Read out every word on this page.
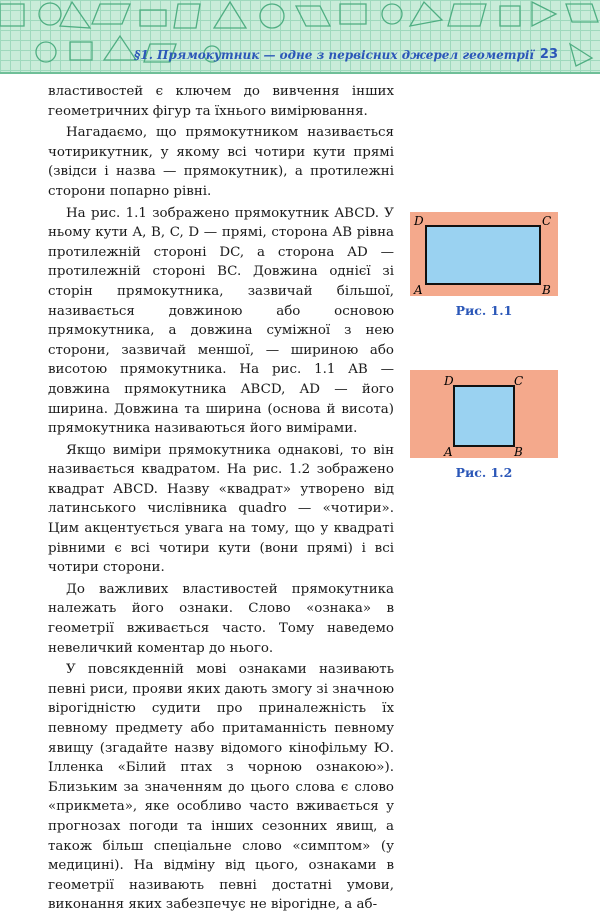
§1. Прямокутник — одне з первісних джерел геометрії 23

властивостей є ключем до вивчення інших геометричних фігур та їхнього вимірювання.

Нагадаємо, що прямокутником називається чотирикутник, у якому всі чотири кути прямі (звідси і назва — прямокутник), а протилежні сторони попарно рівні.

На рис. 1.1 зображено прямокутник ABCD. У ньому кути A, B, C, D — прямі, сторона AB рівна протилежній стороні DC, а сторона AD — протилежній стороні BC. Довжина однієї зі сторін прямокутника, зазвичай більшої, називається довжиною або основою прямокутника, а довжина суміжної з нею сторони, зазвичай меншої, — шириною або висотою прямокутника. На рис. 1.1 AB — довжина прямокутника ABCD, AD — його ширина. Довжина та ширина (основа й висота) прямокутника називаються його вимірами.

Якщо виміри прямокутника однакові, то він називається квадратом. На рис. 1.2 зображено квадрат ABCD. Назву «квадрат» утворено від латинського числівника quadro — «чотири». Цим акцентується увага на тому, що у квадраті рівними є всі чотири кути (вони прямі) і всі чотири сторони.

До важливих властивостей прямокутника належать його ознаки. Слово «ознака» в геометрії вживається часто. Тому наведемо невеличкий коментар до нього.

У повсякденній мові ознаками називають певні риси, прояви яких дають змогу зі значною вірогідністю судити про приналежність їх певному предмету або притаманність певному явищу (згадайте назву відомого кінофільму Ю. Ілленка «Білий птах з чорною ознакою»). Близьким за значенням до цього слова є слово «прикмета», яке особливо часто вживається у прогнозах погоди та інших сезонних явищ, а також більш спеціальне слово «симптом» (у медицині). На відміну від цього, ознаками в геометрії називають певні достатні умови, виконання яких забезпечує не вірогідне, а аб-

D	C
A	B
Рис. 1.1
D	C
A	B
Рис. 1.2
